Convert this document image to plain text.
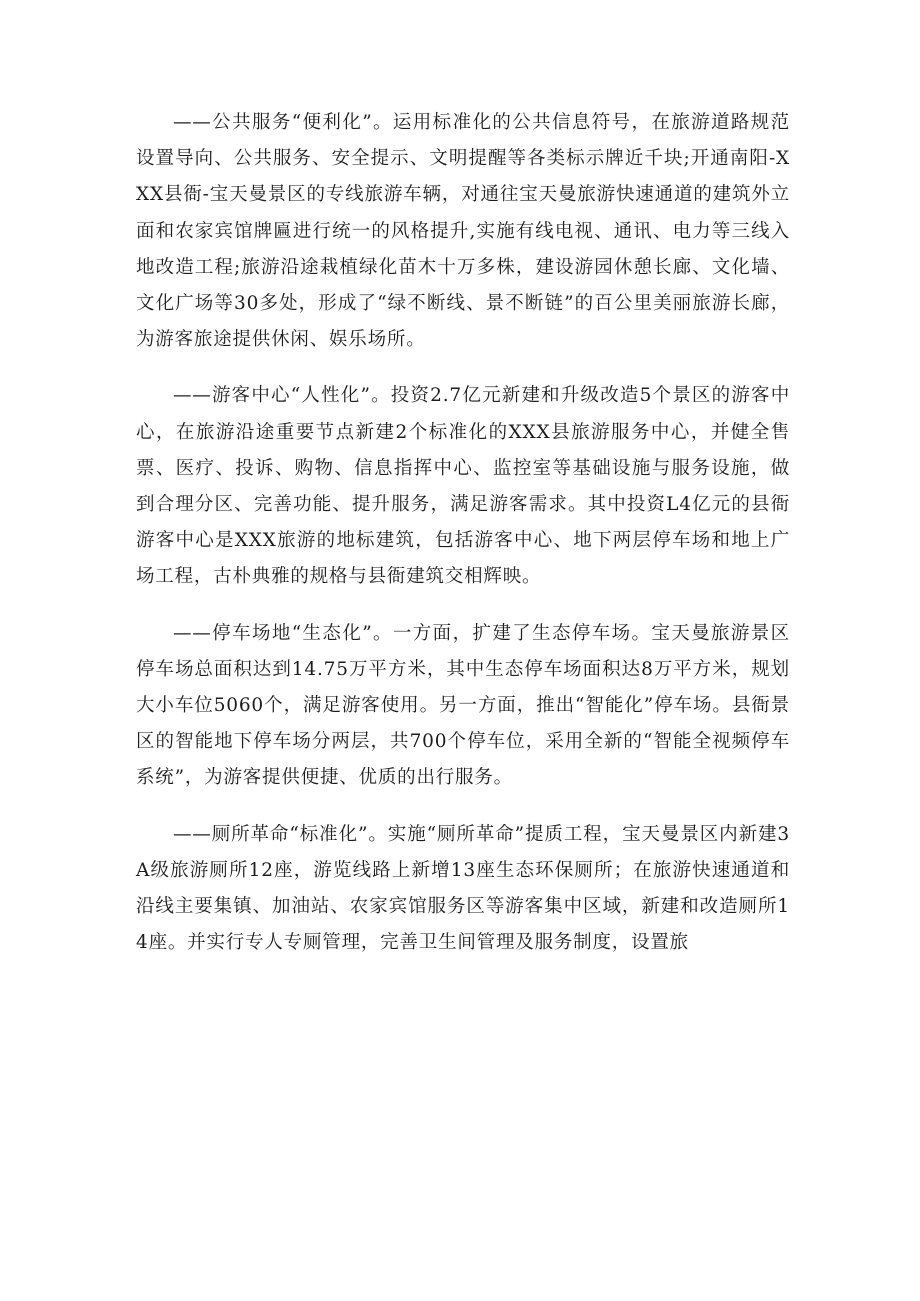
——公共服务“便利化”。运用标准化的公共信息符号，在旅游道路规范设置导向、公共服务、安全提示、文明提醒等各类标示牌近千块;开通南阳-XXX县衙-宝天曼景区的专线旅游车辆，对通往宝天曼旅游快速通道的建筑外立面和农家宾馆牌匾进行统一的风格提升,实施有线电视、通讯、电力等三线入地改造工程;旅游沿途栽植绿化苗木十万多株，建设游园休憩长廊、文化墙、文化广场等30多处，形成了“绿不断线、景不断链”的百公里美丽旅游长廊，为游客旅途提供休闲、娱乐场所。

——游客中心“人性化”。投资2.7亿元新建和升级改造5个景区的游客中心，在旅游沿途重要节点新建2个标准化的XXX县旅游服务中心，并健全售票、医疗、投诉、购物、信息指挥中心、监控室等基础设施与服务设施，做到合理分区、完善功能、提升服务，满足游客需求。其中投资L4亿元的县衙游客中心是XXX旅游的地标建筑，包括游客中心、地下两层停车场和地上广场工程，古朴典雅的规格与县衙建筑交相辉映。

——停车场地“生态化”。一方面，扩建了生态停车场。宝天曼旅游景区停车场总面积达到14.75万平方米，其中生态停车场面积达8万平方米，规划大小车位5060个，满足游客使用。另一方面，推出“智能化”停车场。县衙景区的智能地下停车场分两层，共700个停车位，采用全新的“智能全视频停车系统”，为游客提供便捷、优质的出行服务。

——厕所革命“标准化”。实施“厕所革命”提质工程，宝天曼景区内新建3A级旅游厕所12座，游览线路上新增13座生态环保厕所；在旅游快速通道和沿线主要集镇、加油站、农家宾馆服务区等游客集中区域，新建和改造厕所14座。并实行专人专厕管理，完善卫生间管理及服务制度，设置旅
